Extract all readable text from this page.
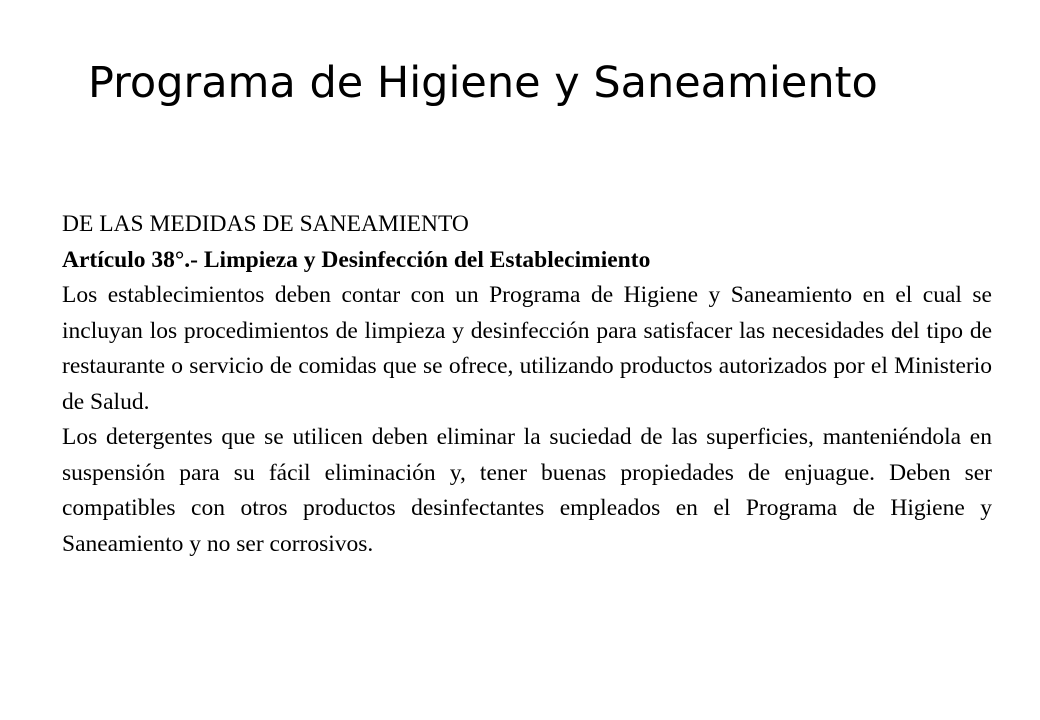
Programa de Higiene y Saneamiento

DE LAS MEDIDAS DE SANEAMIENTO

Artículo 38°.- Limpieza y Desinfección del Establecimiento

Los establecimientos deben contar con un Programa de Higiene y Saneamiento en el cual se incluyan los procedimientos de limpieza y desinfección para satisfacer las necesidades del tipo de restaurante o servicio de comidas que se ofrece, utilizando productos autorizados por el Ministerio de Salud.

Los detergentes que se utilicen deben eliminar la suciedad de las superficies, manteniéndola en suspensión para su fácil eliminación y, tener buenas propiedades de enjuague. Deben ser compatibles con otros productos desinfectantes empleados en el Programa de Higiene y Saneamiento y no ser corrosivos.
